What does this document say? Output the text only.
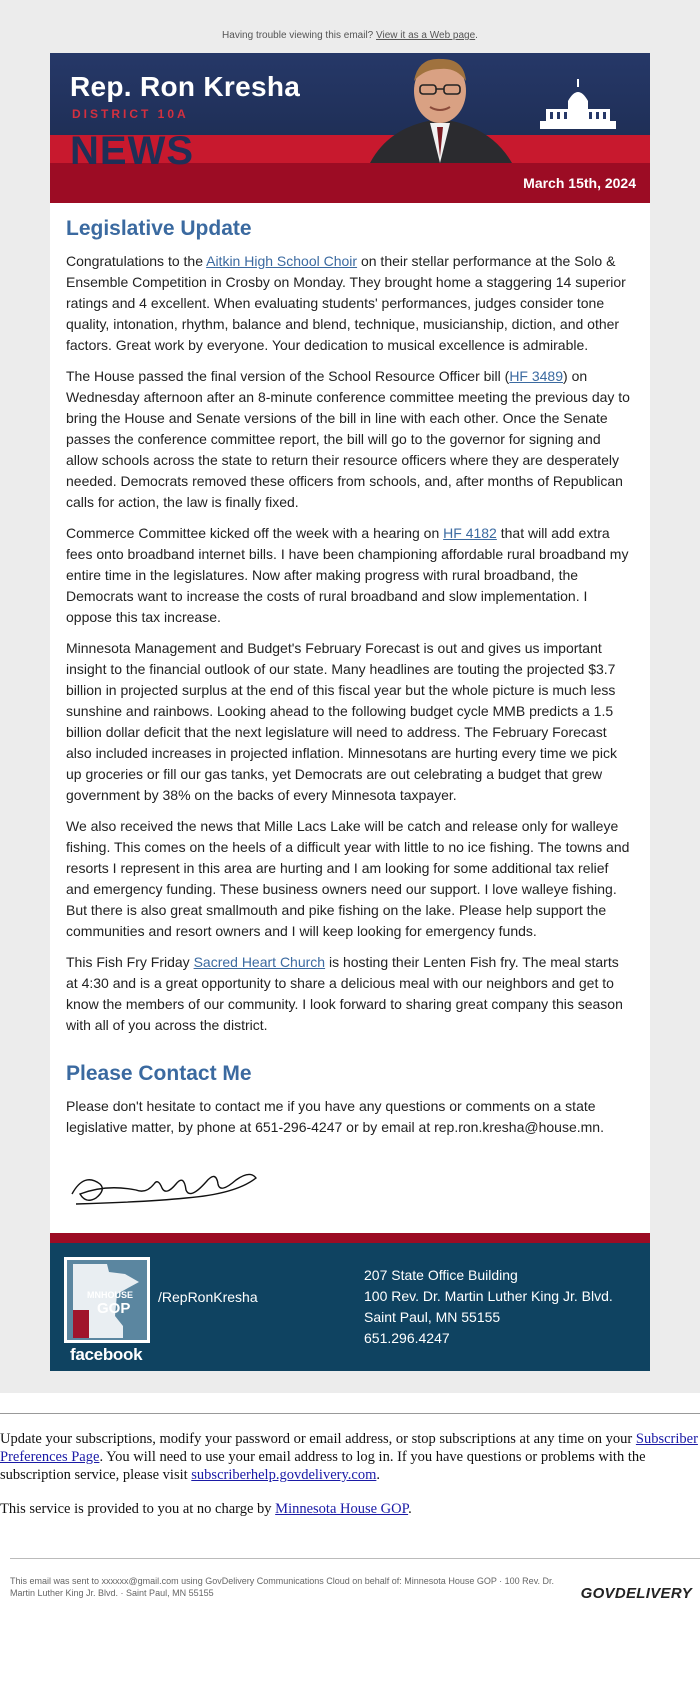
Having trouble viewing this email? View it as a Web page.
Rep. Ron Kresha
DISTRICT 10A
NEWS
March 15th, 2024
Legislative Update

Congratulations to the Aitkin High School Choir on their stellar performance at the Solo & Ensemble Competition in Crosby on Monday. They brought home a staggering 14 superior ratings and 4 excellent. When evaluating students' performances, judges consider tone quality, intonation, rhythm, balance and blend, technique, musicianship, diction, and other factors. Great work by everyone. Your dedication to musical excellence is admirable.

The House passed the final version of the School Resource Officer bill (HF 3489) on Wednesday afternoon after an 8-minute conference committee meeting the previous day to bring the House and Senate versions of the bill in line with each other. Once the Senate passes the conference committee report, the bill will go to the governor for signing and allow schools across the state to return their resource officers where they are desperately needed. Democrats removed these officers from schools, and, after months of Republican calls for action, the law is finally fixed.

Commerce Committee kicked off the week with a hearing on HF 4182 that will add extra fees onto broadband internet bills. I have been championing affordable rural broadband my entire time in the legislatures. Now after making progress with rural broadband, the Democrats want to increase the costs of rural broadband and slow implementation. I oppose this tax increase.

Minnesota Management and Budget's February Forecast is out and gives us important insight to the financial outlook of our state. Many headlines are touting the projected $3.7 billion in projected surplus at the end of this fiscal year but the whole picture is much less sunshine and rainbows. Looking ahead to the following budget cycle MMB predicts a 1.5 billion dollar deficit that the next legislature will need to address. The February Forecast also included increases in projected inflation. Minnesotans are hurting every time we pick up groceries or fill our gas tanks, yet Democrats are out celebrating a budget that grew government by 38% on the backs of every Minnesota taxpayer.

We also received the news that Mille Lacs Lake will be catch and release only for walleye fishing. This comes on the heels of a difficult year with little to no ice fishing. The towns and resorts I represent in this area are hurting and I am looking for some additional tax relief and emergency funding. These business owners need our support. I love walleye fishing. But there is also great smallmouth and pike fishing on the lake. Please help support the communities and resort owners and I will keep looking for emergency funds.

This Fish Fry Friday Sacred Heart Church is hosting their Lenten Fish fry. The meal starts at 4:30 and is a great opportunity to share a delicious meal with our neighbors and get to know the members of our community. I look forward to sharing great company this season with all of you across the district.

Please Contact Me

Please don't hesitate to contact me if you have any questions or comments on a state legislative matter, by phone at 651-296-4247 or by email at rep.ron.kresha@house.mn.

MNHOUSE
GOP
facebook
/RepRonKresha
207 State Office Building
100 Rev. Dr. Martin Luther King Jr. Blvd.
Saint Paul, MN 55155
651.296.4247

Update your subscriptions, modify your password or email address, or stop subscriptions at any time on your Subscriber Preferences Page. You will need to use your email address to log in. If you have questions or problems with the subscription service, please visit subscriberhelp.govdelivery.com.

This service is provided to you at no charge by Minnesota House GOP.

This email was sent to xxxxxx@gmail.com using GovDelivery Communications Cloud on behalf of: Minnesota House GOP · 100 Rev. Dr. Martin Luther King Jr. Blvd. · Saint Paul, MN 55155	GOVDELIVERY
